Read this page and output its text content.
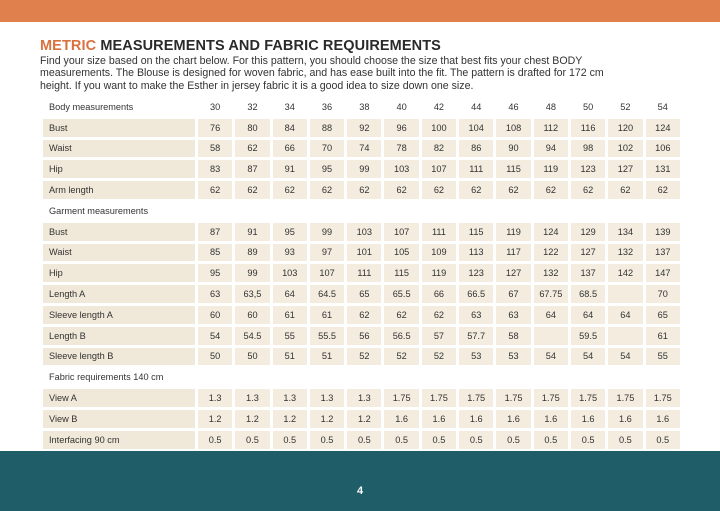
METRIC MEASUREMENTS AND FABRIC REQUIREMENTS

Find your size based on the chart below. For this pattern, you should choose the size that best fits your chest BODY

measurements. The Blouse is designed for woven fabric, and has ease built into the fit. The pattern is drafted for 172 cm

height. If you want to make the Esther in jersey fabric it is a good idea to size down one size.

Body measurements	30	32	34	36	38	40	42	44	46	48	50	52	54
Bust	76	80	84	88	92	96	100	104	108	112	116	120	124
Waist	58	62	66	70	74	78	82	86	90	94	98	102	106
Hip	83	87	91	95	99	103	107	111	115	119	123	127	131
Arm length	62	62	62	62	62	62	62	62	62	62	62	62	62
Garment measurements													
Bust	87	91	95	99	103	107	111	115	119	124	129	134	139
Waist	85	89	93	97	101	105	109	113	117	122	127	132	137
Hip	95	99	103	107	111	115	119	123	127	132	137	142	147
Length A	63	63,5	64	64.5	65	65.5	66	66.5	67	67.75	68.5		70
Sleeve length A	60	60	61	61	62	62	62	63	63	64	64	64	65
Length B	54	54.5	55	55.5	56	56.5	57	57.7	58		59.5		61
Sleeve length B	50	50	51	51	52	52	52	53	53	54	54	54	55
Fabric requirements 140 cm													
View A	1.3	1.3	1.3	1.3	1.3	1.75	1.75	1.75	1.75	1.75	1.75	1.75	1.75
View B	1.2	1.2	1.2	1.2	1.2	1.6	1.6	1.6	1.6	1.6	1.6	1.6	1.6
Interfacing 90 cm	0.5	0.5	0.5	0.5	0.5	0.5	0.5	0.5	0.5	0.5	0.5	0.5	0.5

4
